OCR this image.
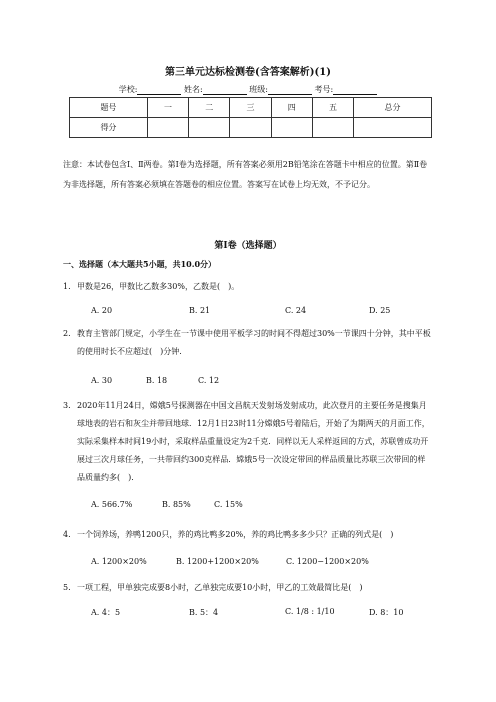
第三单元达标检测卷(含答案解析)(1)
学校:	姓名:	班级:	考号:
题号	一	二	三	四	五	总分
得分						
注意：本试卷包含Ⅰ、Ⅱ两卷。第Ⅰ卷为选择题，所有答案必须用2B铅笔涂在答题卡中相应的位置。第Ⅱ卷为非选择题，所有答案必须填在答题卷的相应位置。答案写在试卷上均无效，不予记分。
第I卷（选择题）
一、选择题（本大题共5小题，共10.0分）
1. 甲数是26，甲数比乙数多30%，乙数是(　)。
A. 20	B. 21	C. 24	D. 25
2. 教育主管部门规定，小学生在一节课中使用平板学习的时间不得超过30%一节课四十分钟，其中平板的使用时长不应超过(　)分钟.
A. 30	B. 18	C. 12
3. 2020年11月24日，嫦娥5号探测器在中国文昌航天发射场发射成功，此次登月的主要任务是搜集月球地表的岩石和灰尘并带回地球．12月1日23时11分嫦娥5号着陆后，开始了为期两天的月面工作，实际采集样本时间19小时，采取样品重量设定为2千克．同样以无人采样返回的方式，苏联曾成功开展过三次月球任务，一共带回约300克样品．嫦娥5号一次设定带回的样品质量比苏联三次带回的样品质量约多(　)．
A. 566.7%	B. 85%	C. 15%
4. 一个饲养场，养鸭1200只，养的鸡比鸭多20%，养的鸡比鸭多多少只？正确的列式是(　)
A. 1200×20%	B. 1200+1200×20%	C. 1200−1200×20%
5. 一项工程，甲单独完成要8小时，乙单独完成要10小时，甲乙的工效最简比是(　)
A. 4：5	B. 5：4	C. 1/8 : 1/10	D. 8：10
